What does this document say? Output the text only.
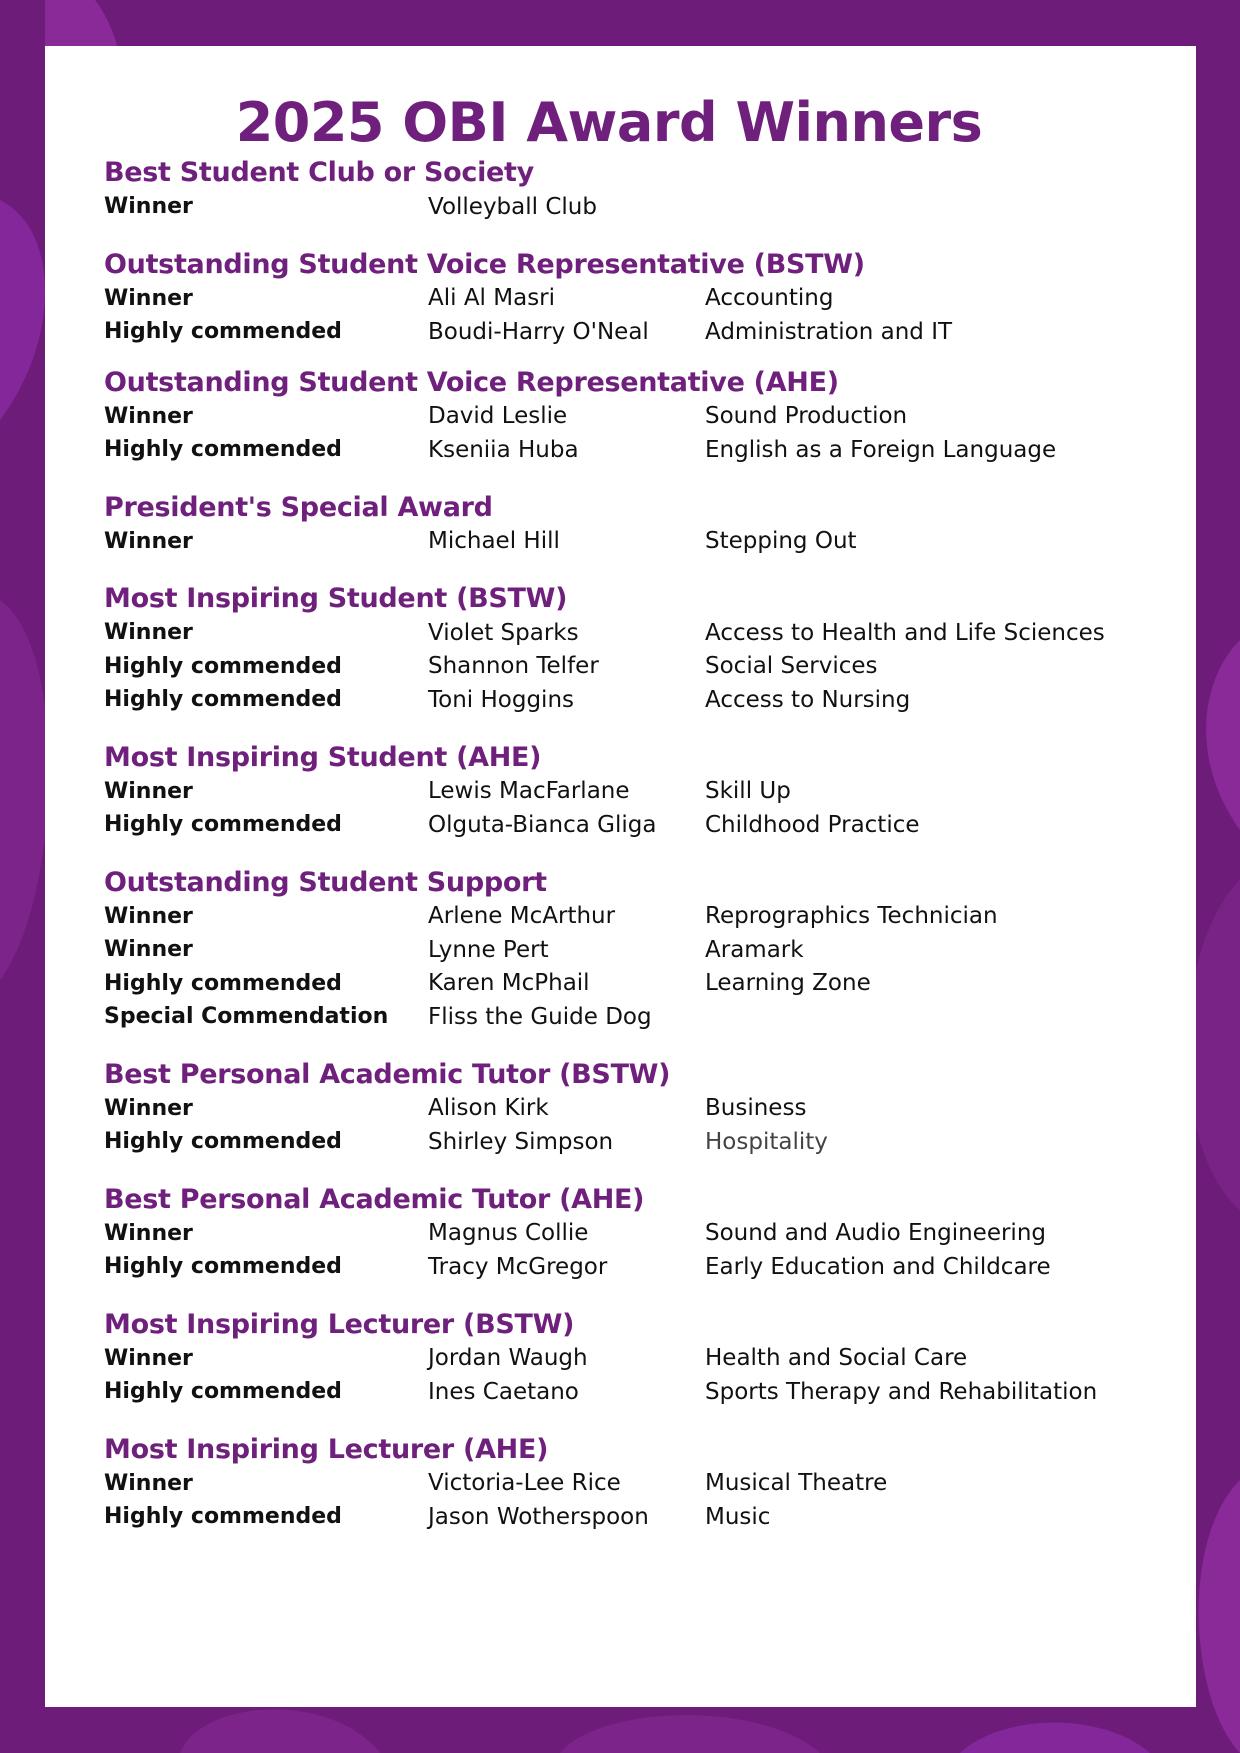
2025 OBI Award Winners
Best Student Club or Society
Winner	Volleyball Club
Outstanding Student Voice Representative (BSTW)
Winner	Ali Al Masri	Accounting
Highly commended	Boudi-Harry O'Neal	Administration and IT
Outstanding Student Voice Representative (AHE)
Winner	David Leslie	Sound Production
Highly commended	Kseniia Huba	English as a Foreign Language
President's Special Award
Winner	Michael Hill	Stepping Out
Most Inspiring Student (BSTW)
Winner	Violet Sparks	Access to Health and Life Sciences
Highly commended	Shannon Telfer	Social Services
Highly commended	Toni Hoggins	Access to Nursing
Most Inspiring Student (AHE)
Winner	Lewis MacFarlane	Skill Up
Highly commended	Olguta-Bianca Gliga	Childhood Practice
Outstanding Student Support
Winner	Arlene McArthur	Reprographics Technician
Winner	Lynne Pert	Aramark
Highly commended	Karen McPhail	Learning Zone
Special Commendation	Fliss the Guide Dog
Best Personal Academic Tutor (BSTW)
Winner	Alison Kirk	Business
Highly commended	Shirley Simpson	Hospitality
Best Personal Academic Tutor (AHE)
Winner	Magnus Collie	Sound and Audio Engineering
Highly commended	Tracy McGregor	Early Education and Childcare
Most Inspiring Lecturer (BSTW)
Winner	Jordan Waugh	Health and Social Care
Highly commended	Ines Caetano	Sports Therapy and Rehabilitation
Most Inspiring Lecturer (AHE)
Winner	Victoria-Lee Rice	Musical Theatre
Highly commended	Jason Wotherspoon	Music
